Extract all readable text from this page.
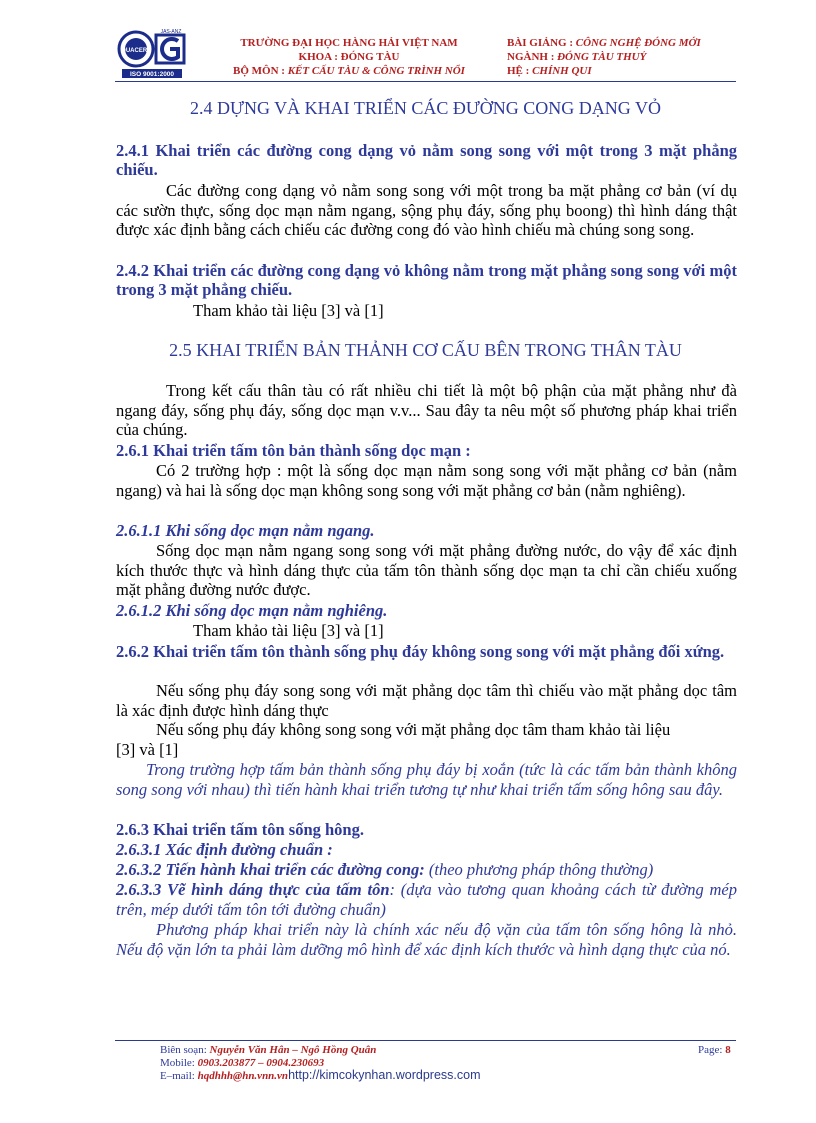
QUACERT
JAS-ANZ
ISO 9001:2000
TRƯỜNG ĐẠI HỌC HÀNG HẢI VIỆT NAM
KHOA : ĐÓNG TÀU
BỘ MÔN : KẾT CẤU TÀU & CÔNG TRÌNH NỔI
BÀI GIẢNG : CÔNG NGHỆ ĐÓNG MỚI
NGÀNH : ĐÓNG TÀU THUỶ
HỆ : CHÍNH QUI
2.4 DỰNG VÀ KHAI TRIỂN CÁC ĐƯỜNG CONG DẠNG VỎ
2.4.1 Khai triển các đường cong dạng vỏ nằm song song với một trong 3 mặt phẳng chiếu.
Các đường cong dạng vỏ nằm song song với một trong ba mặt phẳng cơ bản (ví dụ các sườn thực, sống dọc mạn nằm ngang, sộng phụ đáy, sống phụ boong) thì hình dáng thật được xác định bằng cách chiếu các đường cong đó vào hình chiếu mà chúng song song.
2.4.2 Khai triển các đường cong dạng vỏ không nằm trong mặt phẳng song song với một trong 3 mặt phẳng chiếu.
Tham khảo tài liệu [3] và [1]
2.5 KHAI TRIỂN BẢN THẢNH CƠ CẤU BÊN TRONG THÂN TÀU
Trong kết cấu thân tàu có rất nhiều chi tiết là một bộ phận của mặt phẳng như đà ngang đáy, sống phụ đáy, sống dọc mạn v.v... Sau đây ta nêu một số phương pháp khai triển của chúng.
2.6.1 Khai triển tấm tôn bản thành sống dọc mạn :
Có 2 trường hợp : một là sống dọc mạn nằm song song với mặt phẳng cơ bản (nằm ngang) và hai là sống dọc mạn không song song với mặt phẳng cơ bản (nằm nghiêng).
2.6.1.1 Khi sống dọc mạn nằm ngang.
Sống dọc mạn nằm ngang song song với mặt phẳng đường nước, do vậy để xác định kích thước thực và hình dáng thực của tấm tôn thành sống dọc mạn ta chỉ cần chiếu xuống mặt phẳng đường nước được.
2.6.1.2 Khi sống dọc mạn nằm nghiêng.
Tham khảo tài liệu [3] và [1]
2.6.2 Khai triển tấm tôn thành sống phụ đáy không song song với mặt phẳng đối xứng.
Nếu sống phụ đáy song song với mặt phẳng dọc tâm thì chiếu vào mặt phẳng dọc tâm là xác định được hình dáng thực
Nếu sống phụ đáy không song song với mặt phẳng dọc tâm tham khảo tài liệu
[3] và [1]
Trong trường hợp tấm bản thành sống phụ đáy bị xoắn (tức là các tấm bản thành không song song với nhau) thì tiến hành khai triển tương tự như khai triển tấm sống hông sau đây.
2.6.3 Khai triển tấm tôn sống hông.
2.6.3.1 Xác định đường chuẩn :
2.6.3.2 Tiến hành khai triển các đường cong: (theo phương pháp thông thường)
2.6.3.3 Vẽ hình dáng thực của tấm tôn: (dựa vào tương quan khoảng cách từ đường mép trên, mép dưới tấm tôn tới đường chuẩn)
Phương pháp khai triển này là chính xác nếu độ vặn của tấm tôn sống hông là nhỏ. Nếu độ vặn lớn ta phải làm dưỡng mô hình để xác định kích thước và hình dạng thực của nó.
Biên soạn: Nguyễn Văn Hân – Ngô Hồng Quân
Mobile: 0903.203877 – 0904.230693
E–mail: hqdhhh@hn.vnn.vnhttp://kimcokynhan.wordpress.com
Page: 8
